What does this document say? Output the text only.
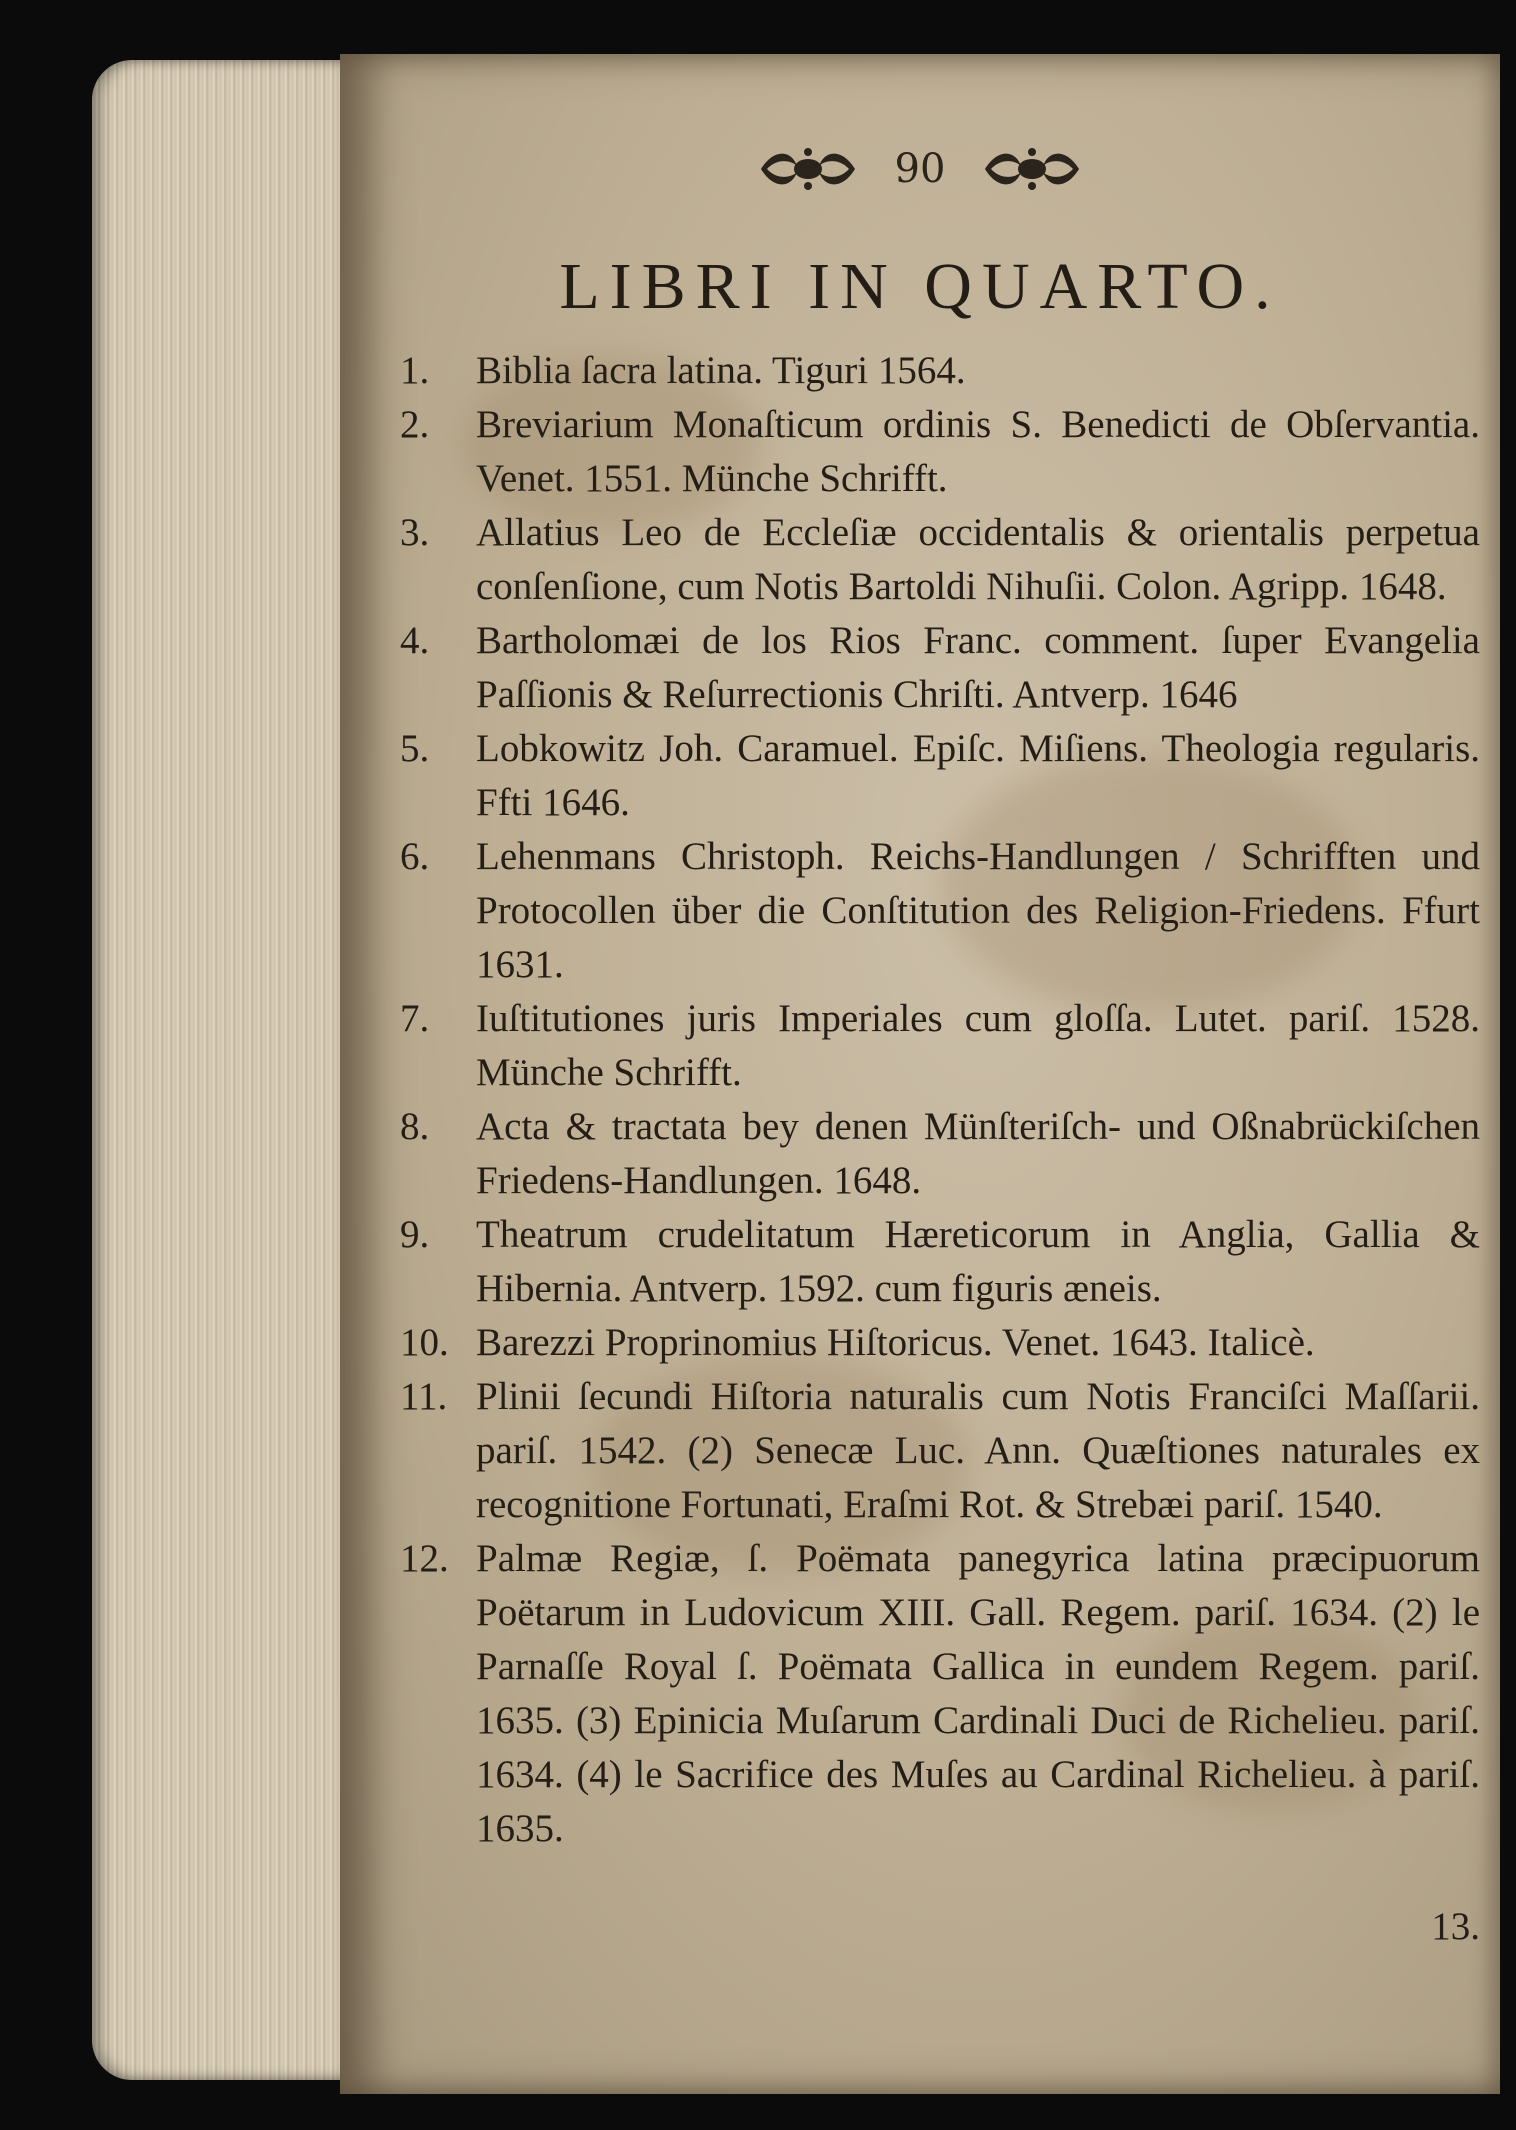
90
LIBRI IN QUARTO.
1.	Biblia ſacra latina. Tiguri 1564.
2.	Breviarium Monaſticum ordinis S. Benedicti de Obſervantia. Venet. 1551. Münche Schrifft.
3.	Allatius Leo de Eccleſiæ occidentalis & orientalis perpetua conſenſione, cum Notis Bartoldi Nihuſii. Colon. Agripp. 1648.
4.	Bartholomæi de los Rios Franc. comment. ſuper Evangelia Paſſionis & Reſurrectionis Chriſti. Antverp. 1646
5.	Lobkowitz Joh. Caramuel. Epiſc. Miſiens. Theologia regularis. Ffti 1646.
6.	Lehenmans Christoph. Reichs-Handlungen / Schrifften und Protocollen über die Conſtitution des Religion-Friedens. Ffurt 1631.
7.	Iuſtitutiones juris Imperiales cum gloſſa. Lutet. pariſ. 1528. Münche Schrifft.
8.	Acta & tractata bey denen Münſteriſch- und Oßnabrückiſchen Friedens-Handlungen. 1648.
9.	Theatrum crudelitatum Hæreticorum in Anglia, Gallia & Hibernia. Antverp. 1592. cum figuris æneis.
10. Barezzi Proprinomius Hiſtoricus. Venet. 1643. Italicè.
11. Plinii ſecundi Hiſtoria naturalis cum Notis Franciſci Maſſarii. pariſ. 1542. (2) Senecæ Luc. Ann. Quæſtiones naturales ex recognitione Fortunati, Eraſmi Rot. & Strebæi pariſ. 1540.
12. Palmæ Regiæ, ſ. Poëmata panegyrica latina præcipuorum Poëtarum in Ludovicum XIII. Gall. Regem. pariſ. 1634. (2) le Parnaſſe Royal ſ. Poëmata Gallica in eundem Regem. pariſ. 1635. (3) Epinicia Muſarum Cardinali Duci de Richelieu. pariſ. 1634. (4) le Sacrifice des Muſes au Cardinal Richelieu. à pariſ. 1635.
13.
